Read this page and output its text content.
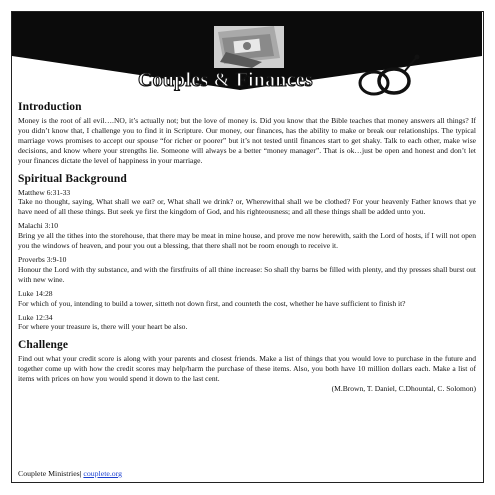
Couples & Finances
Introduction

Money is the root of all evil….NO, it’s actually not; but the love of money is. Did you know that the Bible teaches that money answers all things? If you didn’t know that, I challenge you to find it in Scripture. Our money, our finances, has the ability to make or break our relationships. The typical marriage vows promises to accept our spouse “for richer or poorer” but it’s not tested until finances start to get shaky. Talk to each other, make wise decisions, and know where your strengths lie. Someone will always be a better “money manager”. That is ok…just be open and honest and don’t let your finances dictate the level of happiness in your marriage.

Spiritual Background

Matthew 6:31-33

Take no thought, saying, What shall we eat? or, What shall we drink? or, Wherewithal shall we be clothed? For your heavenly Father knows that ye have need of all these things. But seek ye first the kingdom of God, and his righteousness; and all these things shall be added unto you.

Malachi 3:10

Bring ye all the tithes into the storehouse, that there may be meat in mine house, and prove me now herewith, saith the Lord of hosts, if I will not open you the windows of heaven, and pour you out a blessing, that there shall not be room enough to receive it.

Proverbs 3:9-10

Honour the Lord with thy substance, and with the firstfruits of all thine increase: So shall thy barns be filled with plenty, and thy presses shall burst out with new wine.

Luke 14:28

For which of you, intending to build a tower, sitteth not down first, and counteth the cost, whether he have sufficient to finish it?

Luke 12:34

For where your treasure is, there will your heart be also.

Challenge

Find out what your credit score is along with your parents and closest friends. Make a list of things that you would love to purchase in the future and together come up with how the credit scores may help/harm the purchase of these items. Also, you both have 10 million dollars each. Make a list of items with prices on how you would spend it down to the last cent.

(M.Brown, T. Daniel, C.Dhountal, C. Solomon)

Couplete Ministries| couplete.org
